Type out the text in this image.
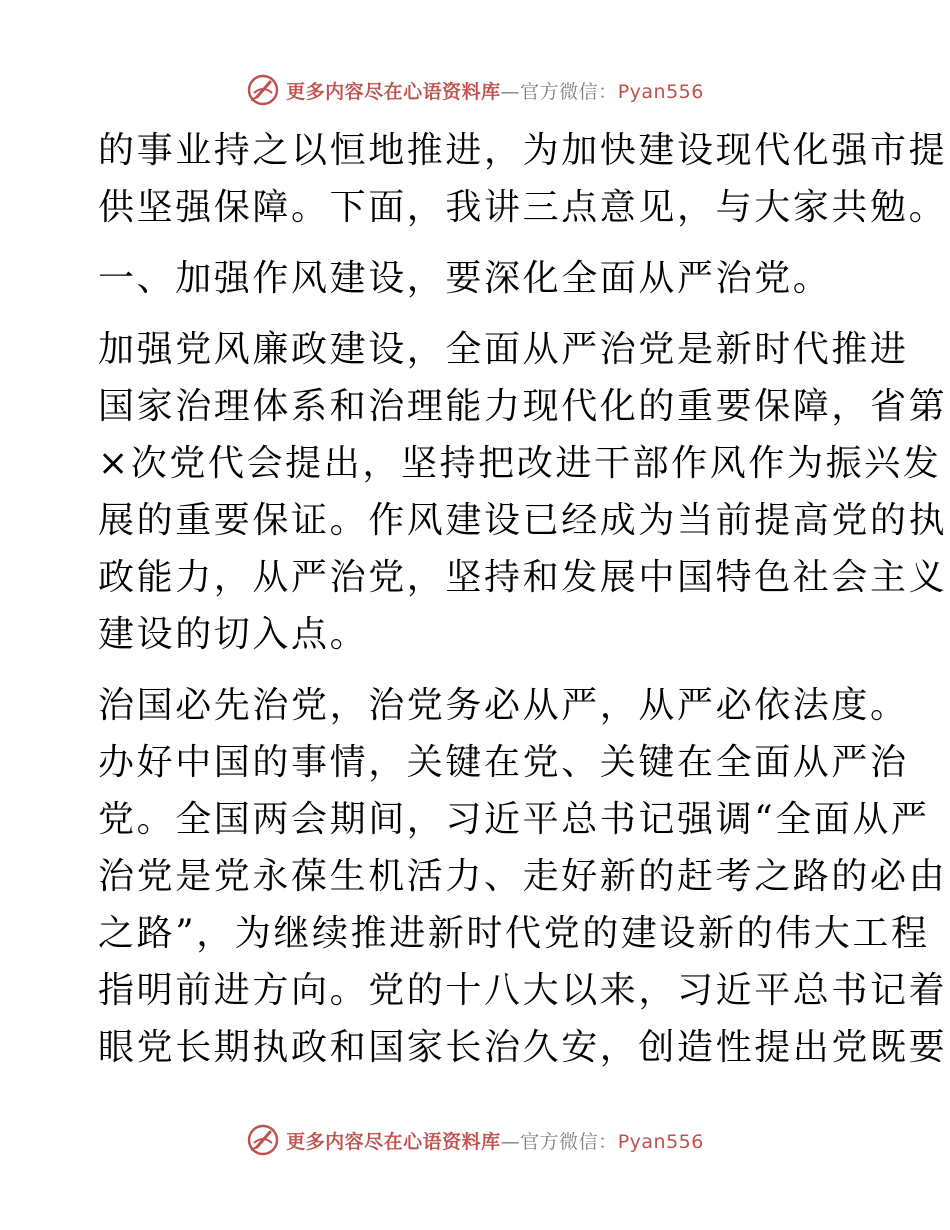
更多内容尽在心语资料库—官方微信：Pyan556
的事业持之以恒地推进，为加快建设现代化强市提
供坚强保障。下面，我讲三点意见，与大家共勉。
一、加强作风建设，要深化全面从严治党。
加强党风廉政建设，全面从严治党是新时代推进
国家治理体系和治理能力现代化的重要保障，省第
×次党代会提出，坚持把改进干部作风作为振兴发
展的重要保证。作风建设已经成为当前提高党的执
政能力，从严治党，坚持和发展中国特色社会主义
建设的切入点。
治国必先治党，治党务必从严，从严必依法度。
办好中国的事情，关键在党、关键在全面从严治
党。全国两会期间，习近平总书记强调“全面从严
治党是党永葆生机活力、走好新的赶考之路的必由
之路”，为继续推进新时代党的建设新的伟大工程
指明前进方向。党的十八大以来，习近平总书记着
眼党长期执政和国家长治久安，创造性提出党既要
更多内容尽在心语资料库—官方微信：Pyan556
